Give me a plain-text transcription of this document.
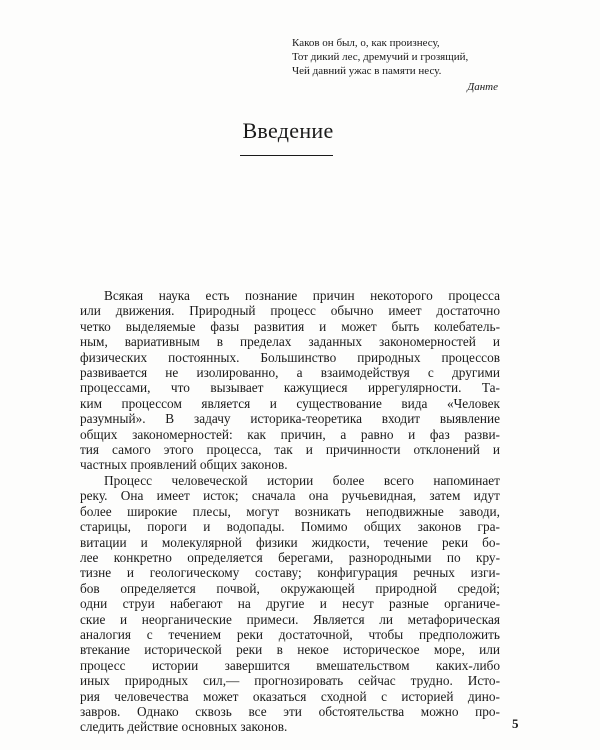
Каков он был, о, как произнесу,
Тот дикий лес, дремучий и грозящий,
Чей давний ужас в памяти несу.
Данте
Введение
Всякая наука есть познание причин некоторого процесса
или движения. Природный процесс обычно имеет достаточно
четко выделяемые фазы развития и может быть колебатель-
ным, вариативным в пределах заданных закономерностей и
физических постоянных. Большинство природных процессов
развивается не изолированно, а взаимодействуя с другими
процессами, что вызывает кажущиеся иррегулярности. Та-
ким процессом является и существование вида «Человек
разумный». В задачу историка-теоретика входит выявление
общих закономерностей: как причин, а равно и фаз разви-
тия самого этого процесса, так и причинности отклонений и
частных проявлений общих законов.
Процесс человеческой истории более всего напоминает
реку. Она имеет исток; сначала она ручьевидная, затем идут
более широкие плесы, могут возникать неподвижные заводи,
старицы, пороги и водопады. Помимо общих законов гра-
витации и молекулярной физики жидкости, течение реки бо-
лее конкретно определяется берегами, разнородными по кру-
тизне и геологическому составу; конфигурация речных изги-
бов определяется почвой, окружающей природной средой;
одни струи набегают на другие и несут разные органиче-
ские и неорганические примеси. Является ли метафорическая
аналогия с течением реки достаточной, чтобы предположить
втекание исторической реки в некое историческое море, или
процесс истории завершится вмешательством каких-либо
иных природных сил,— прогнозировать сейчас трудно. Исто-
рия человечества может оказаться сходной с историей дино-
завров. Однако сквозь все эти обстоятельства можно про-
следить действие основных законов.	5
